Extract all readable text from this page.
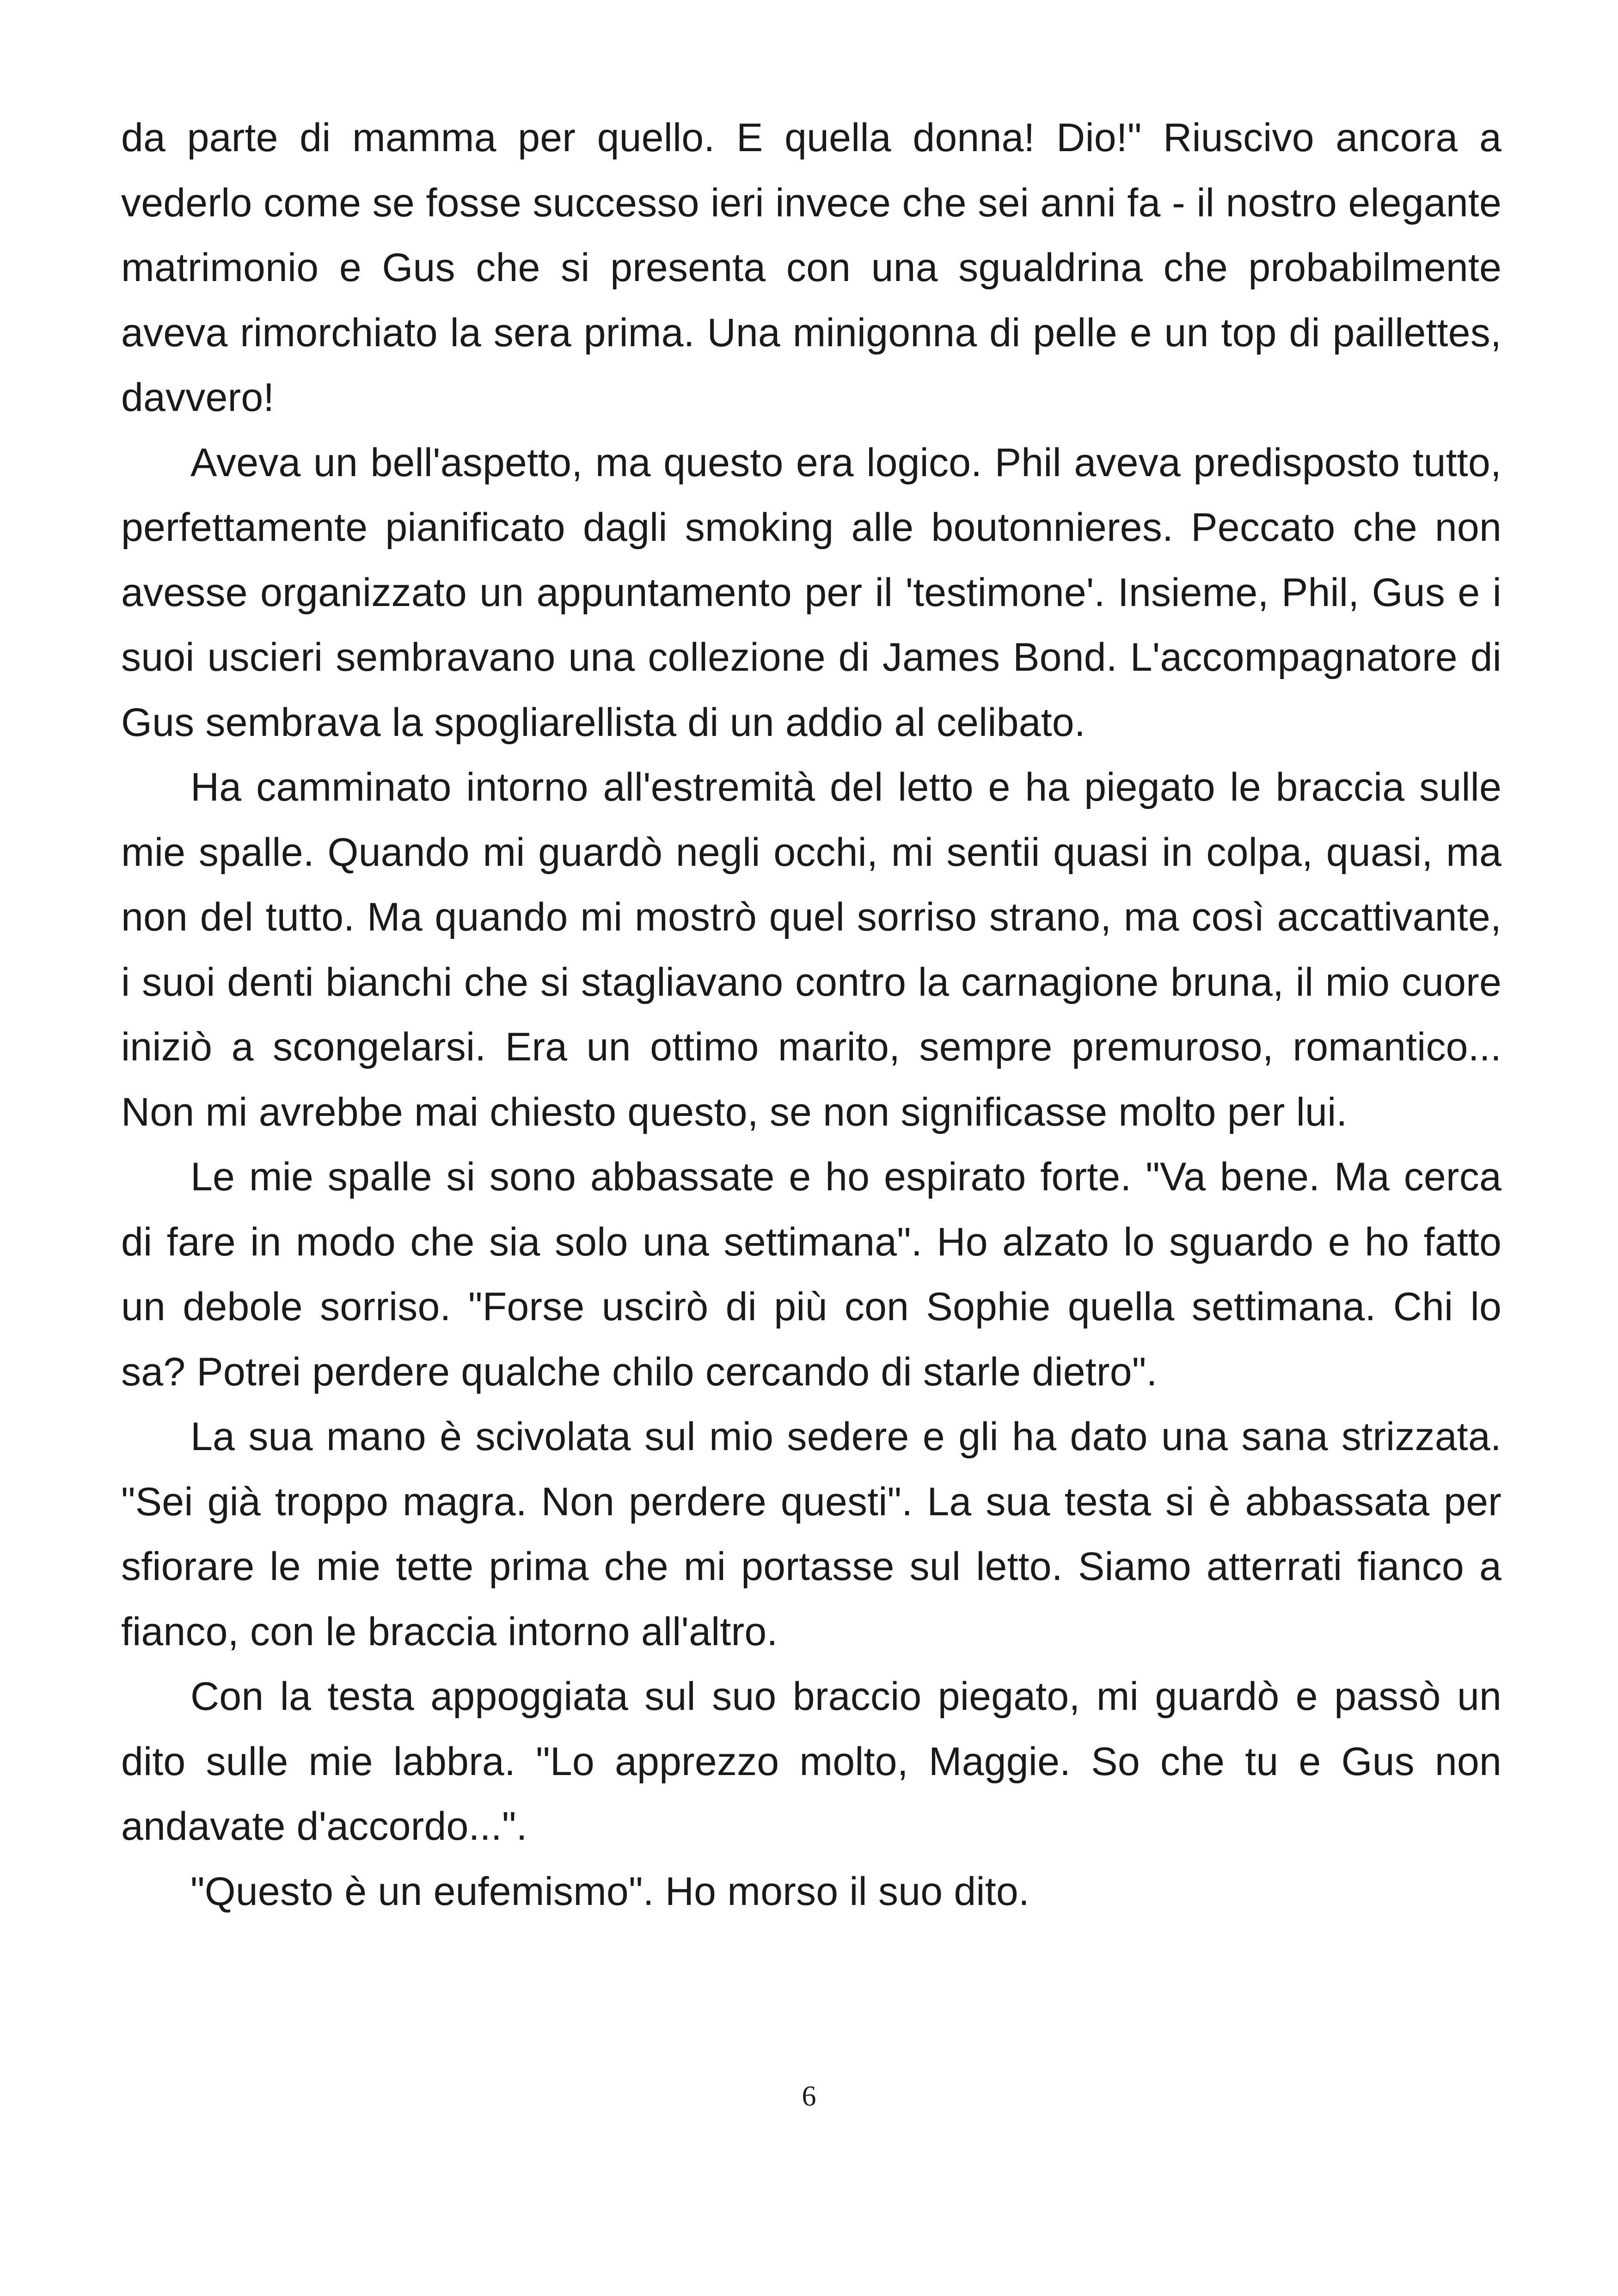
da parte di mamma per quello. E quella donna! Dio!" Riuscivo ancora a vederlo come se fosse successo ieri invece che sei anni fa - il nostro elegante matrimonio e Gus che si presenta con una sgualdrina che probabilmente aveva rimorchiato la sera prima. Una minigonna di pelle e un top di paillettes, davvero!

Aveva un bell'aspetto, ma questo era logico. Phil aveva predisposto tutto, perfettamente pianificato dagli smoking alle boutonnieres. Peccato che non avesse organizzato un appuntamento per il 'testimone'. Insieme, Phil, Gus e i suoi uscieri sembravano una collezione di James Bond. L'accompagnatore di Gus sembrava la spogliarellista di un addio al celibato.

Ha camminato intorno all'estremità del letto e ha piegato le braccia sulle mie spalle. Quando mi guardò negli occhi, mi sentii quasi in colpa, quasi, ma non del tutto. Ma quando mi mostrò quel sorriso strano, ma così accattivante, i suoi denti bianchi che si stagliavano contro la carnagione bruna, il mio cuore iniziò a scongelarsi. Era un ottimo marito, sempre premuroso, romantico... Non mi avrebbe mai chiesto questo, se non significasse molto per lui.

Le mie spalle si sono abbassate e ho espirato forte. "Va bene. Ma cerca di fare in modo che sia solo una settimana". Ho alzato lo sguardo e ho fatto un debole sorriso. "Forse uscirò di più con Sophie quella settimana. Chi lo sa? Potrei perdere qualche chilo cercando di starle dietro".

La sua mano è scivolata sul mio sedere e gli ha dato una sana strizzata. "Sei già troppo magra. Non perdere questi". La sua testa si è abbassata per sfiorare le mie tette prima che mi portasse sul letto. Siamo atterrati fianco a fianco, con le braccia intorno all'altro.

Con la testa appoggiata sul suo braccio piegato, mi guardò e passò un dito sulle mie labbra. "Lo apprezzo molto, Maggie. So che tu e Gus non andavate d'accordo...".

"Questo è un eufemismo". Ho morso il suo dito.

6
